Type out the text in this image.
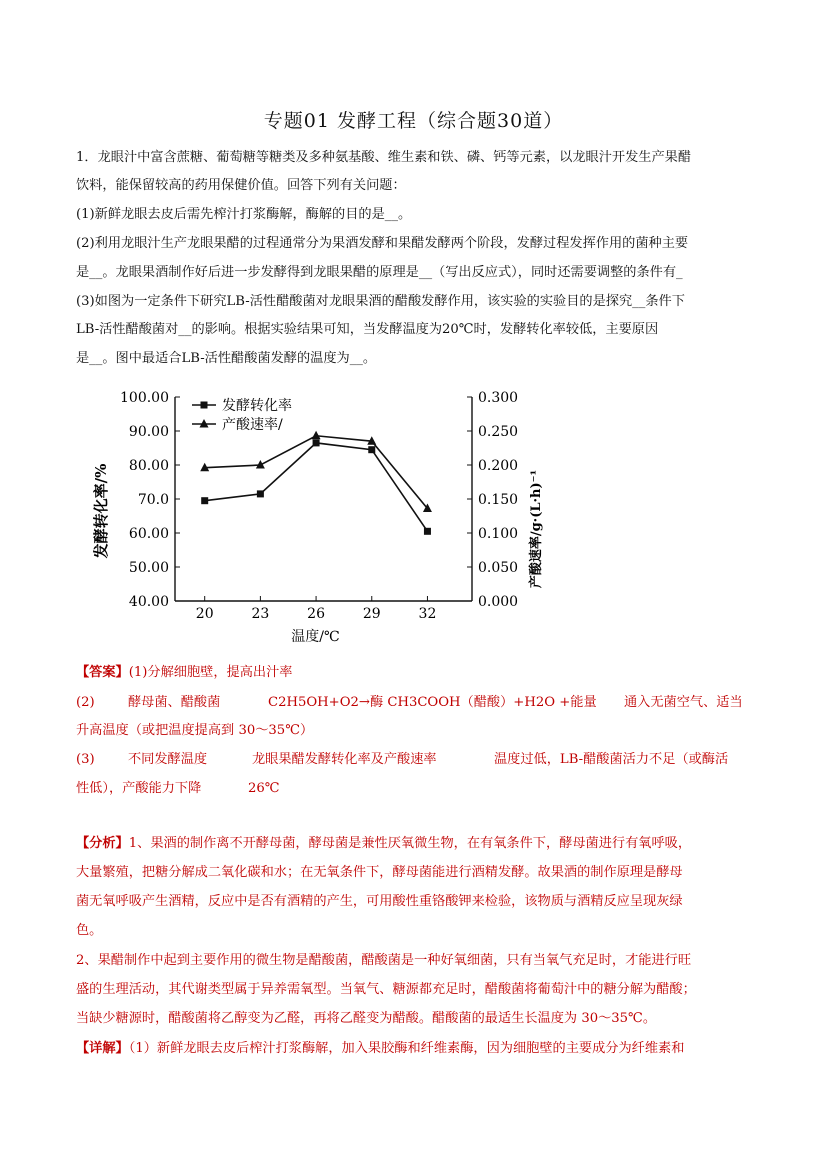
专题01 发酵工程（综合题30道）
1．龙眼汁中富含蔗糖、葡萄糖等糖类及多种氨基酸、维生素和铁、磷、钙等元素，以龙眼汁开发生产果醋
饮料，能保留较高的药用保健价值。回答下列有关问题：
(1)新鲜龙眼去皮后需先榨汁打浆酶解，酶解的目的是__。
(2)利用龙眼汁生产龙眼果醋的过程通常分为果酒发酵和果醋发酵两个阶段，发酵过程发挥作用的菌种主要
是__。龙眼果酒制作好后进一步发酵得到龙眼果醋的原理是__（写出反应式），同时还需要调整的条件有_
(3)如图为一定条件下研究LB-活性醋酸菌对龙眼果酒的醋酸发酵作用，该实验的实验目的是探究__条件下
LB-活性醋酸菌对__的影响。根据实验结果可知，当发酵温度为20℃时，发酵转化率较低，主要原因
是__。图中最适合LB-活性醋酸菌发酵的温度为__。
40.00
50.00
60.00
70.0
80.00
90.00
100.00
0.000
0.050
0.100
0.150
0.200
0.250
0.300
20	23	26	29	32
温度/℃
发酵转化率/%	产酸速率/g·(L·h)⁻¹
发酵转化率
产酸速率/
【答案】(1)分解细胞壁，提高出汁率
(2)	酵母菌、醋酸菌	C2H5OH+O2→酶 CH3COOH（醋酸）+H2O +能量 通入无菌空气、适当
升高温度（或把温度提高到 30～35℃）
(3)	不同发酵温度	龙眼果醋发酵转化率及产酸速率	温度过低，LB-醋酸菌活力不足（或酶活
性低），产酸能力下降	26℃
【分析】1、果酒的制作离不开酵母菌，酵母菌是兼性厌氧微生物，在有氧条件下，酵母菌进行有氧呼吸，
大量繁殖，把糖分解成二氧化碳和水；在无氧条件下，酵母菌能进行酒精发酵。故果酒的制作原理是酵母
菌无氧呼吸产生酒精，反应中是否有酒精的产生，可用酸性重铬酸钾来检验，该物质与酒精反应呈现灰绿
色。
2、果醋制作中起到主要作用的微生物是醋酸菌，醋酸菌是一种好氧细菌，只有当氧气充足时，才能进行旺
盛的生理活动，其代谢类型属于异养需氧型。当氧气、糖源都充足时，醋酸菌将葡萄汁中的糖分解为醋酸；
当缺少糖源时，醋酸菌将乙醇变为乙醛，再将乙醛变为醋酸。醋酸菌的最适生长温度为 30～35℃。
【详解】（1）新鲜龙眼去皮后榨汁打浆酶解，加入果胶酶和纤维素酶，因为细胞壁的主要成分为纤维素和
